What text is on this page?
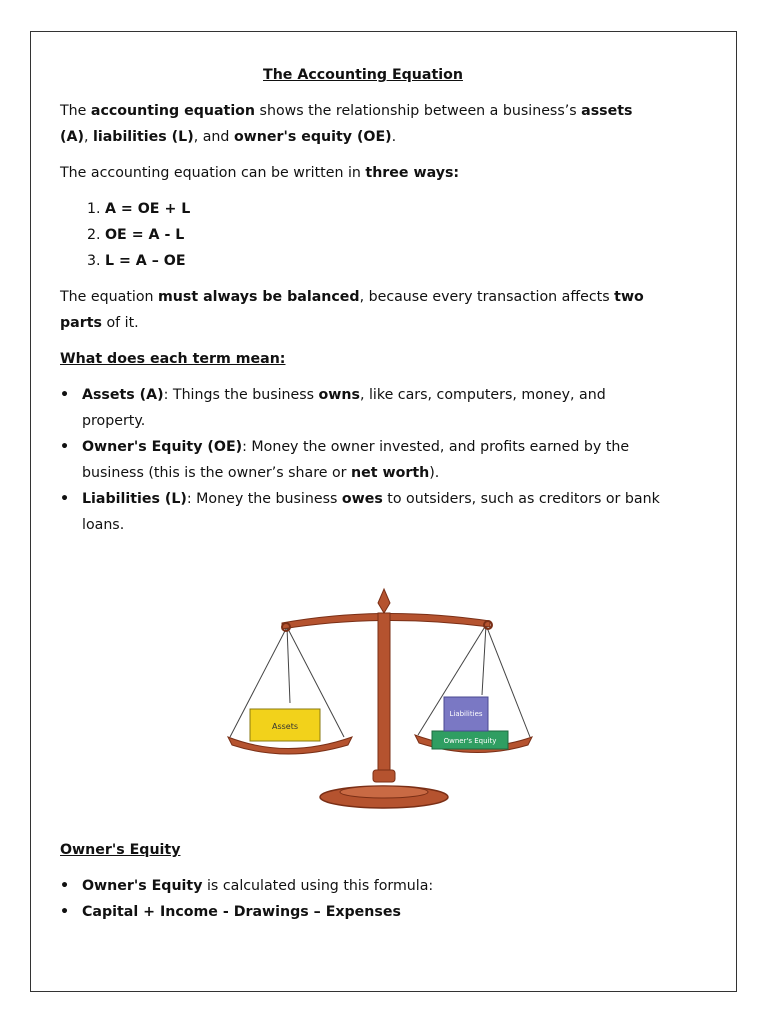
The Accounting Equation

The accounting equation shows the relationship between a business’s assets (A), liabilities (L), and owner's equity (OE).

The accounting equation can be written in three ways:

1. A = OE + L
2. OE = A - L
3. L = A – OE

The equation must always be balanced, because every transaction affects two parts of it.

What does each term mean:

• Assets (A): Things the business owns, like cars, computers, money, and property.
• Owner's Equity (OE): Money the owner invested, and profits earned by the business (this is the owner’s share or net worth).
• Liabilities (L): Money the business owes to outsiders, such as creditors or bank loans.
Assets
Owner's Equity
Liabilities

Owner's Equity

• Owner's Equity is calculated using this formula:
• Capital + Income - Drawings – Expenses
